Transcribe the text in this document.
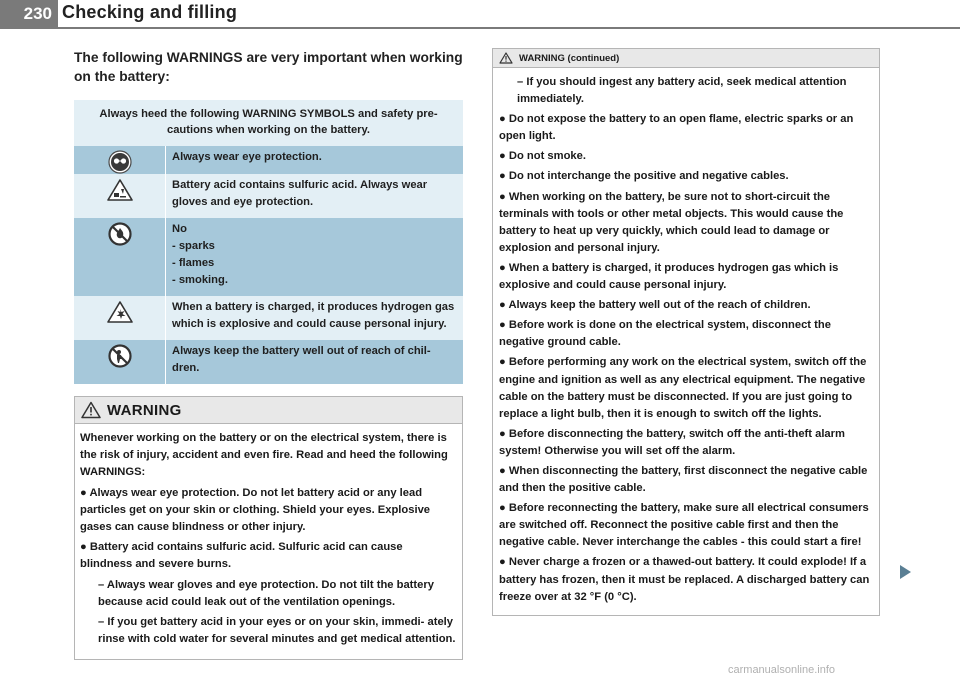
230 Checking and filling

The following WARNINGS are very important when working on the battery:

Always heed the following WARNING SYMBOLS and safety pre- cautions when working on the battery.
Always wear eye protection.
Battery acid contains sulfuric acid. Always wear gloves and eye protection.
No
- sparks
- flames
- smoking.
When a battery is charged, it produces hydrogen gas which is explosive and could cause personal injury.
Always keep the battery well out of reach of chil- dren.
WARNING

Whenever working on the battery or on the electrical system, there is the risk of injury, accident and even fire. Read and heed the following WARNINGS:

● Always wear eye protection. Do not let battery acid or any lead particles get on your skin or clothing. Shield your eyes. Explosive gases can cause blindness or other injury.

● Battery acid contains sulfuric acid. Sulfuric acid can cause blindness and severe burns.

– Always wear gloves and eye protection. Do not tilt the battery because acid could leak out of the ventilation openings.

– If you get battery acid in your eyes or on your skin, immedi- ately rinse with cold water for several minutes and get medical attention.

WARNING (continued)

– If you should ingest any battery acid, seek medical attention immediately.

● Do not expose the battery to an open flame, electric sparks or an open light.

● Do not smoke.

● Do not interchange the positive and negative cables.

● When working on the battery, be sure not to short-circuit the terminals with tools or other metal objects. This would cause the battery to heat up very quickly, which could lead to damage or explosion and personal injury.

● When a battery is charged, it produces hydrogen gas which is explosive and could cause personal injury.

● Always keep the battery well out of the reach of children.

● Before work is done on the electrical system, disconnect the negative ground cable.

● Before performing any work on the electrical system, switch off the engine and ignition as well as any electrical equipment. The negative cable on the battery must be disconnected. If you are just going to replace a light bulb, then it is enough to switch off the lights.

● Before disconnecting the battery, switch off the anti-theft alarm system! Otherwise you will set off the alarm.

● When disconnecting the battery, first disconnect the negative cable and then the positive cable.

● Before reconnecting the battery, make sure all electrical consumers are switched off. Reconnect the positive cable first and then the negative cable. Never interchange the cables - this could start a fire!

● Never charge a frozen or a thawed-out battery. It could explode! If a battery has frozen, then it must be replaced. A discharged battery can freeze over at 32 °F (0 °C).

carmanualsonline.info
